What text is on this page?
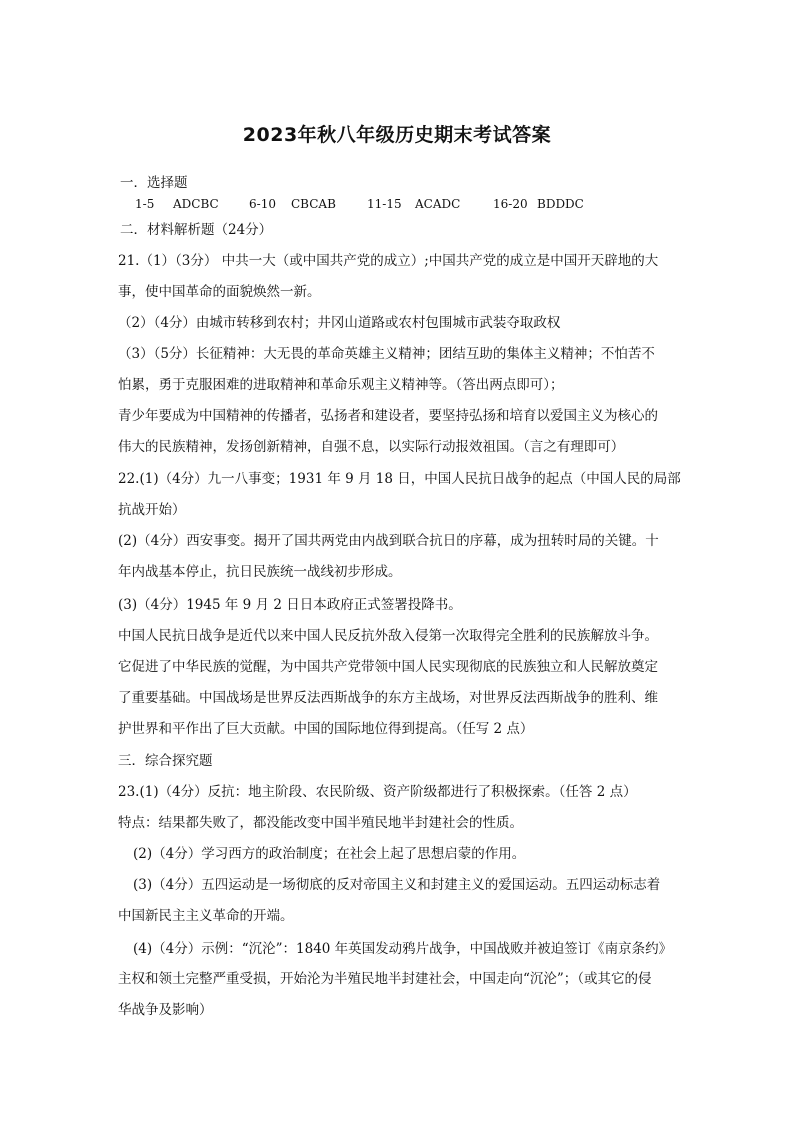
2023年秋八年级历史期末考试答案
一．选择题
1-5 ADCBC	6-10 CBCAB	11-15 ACADC	16-20 BDDDC
二．材料解析题（24分）
21.（1）（3分） 中共一大（或中国共产党的成立）;中国共产党的成立是中国开天辟地的大
事，使中国革命的面貌焕然一新。
（2）（4分）由城市转移到农村；井冈山道路或农村包围城市武装夺取政权
（3）（5分）长征精神：大无畏的革命英雄主义精神；团结互助的集体主义精神；不怕苦不
怕累，勇于克服困难的进取精神和革命乐观主义精神等。（答出两点即可）；
青少年要成为中国精神的传播者，弘扬者和建设者，要坚持弘扬和培育以爱国主义为核心的
伟大的民族精神，发扬创新精神，自强不息，以实际行动报效祖国。（言之有理即可）
22.(1)（4分）九一八事变；1931 年 9 月 18 日，中国人民抗日战争的起点（中国人民的局部
抗战开始）
(2)（4分）西安事变。揭开了国共两党由内战到联合抗日的序幕，成为扭转时局的关键。十
年内战基本停止，抗日民族统一战线初步形成。
(3)（4分）1945 年 9 月 2 日日本政府正式签署投降书。
中国人民抗日战争是近代以来中国人民反抗外敌入侵第一次取得完全胜利的民族解放斗争。
它促进了中华民族的觉醒，为中国共产党带领中国人民实现彻底的民族独立和人民解放奠定
了重要基础。中国战场是世界反法西斯战争的东方主战场，对世界反法西斯战争的胜利、维
护世界和平作出了巨大贡献。中国的国际地位得到提高。（任写 2 点）
三．综合探究题
23.(1)（4分）反抗：地主阶段、农民阶级、资产阶级都进行了积极探索。（任答 2 点）
特点：结果都失败了，都没能改变中国半殖民地半封建社会的性质。
(2)（4分）学习西方的政治制度；在社会上起了思想启蒙的作用。
(3)（4分）五四运动是一场彻底的反对帝国主义和封建主义的爱国运动。五四运动标志着
中国新民主主义革命的开端。
(4)（4分）示例：“沉沦”：1840 年英国发动鸦片战争，中国战败并被迫签订《南京条约》
主权和领土完整严重受损，开始沦为半殖民地半封建社会，中国走向“沉沦”；（或其它的侵
华战争及影响）
